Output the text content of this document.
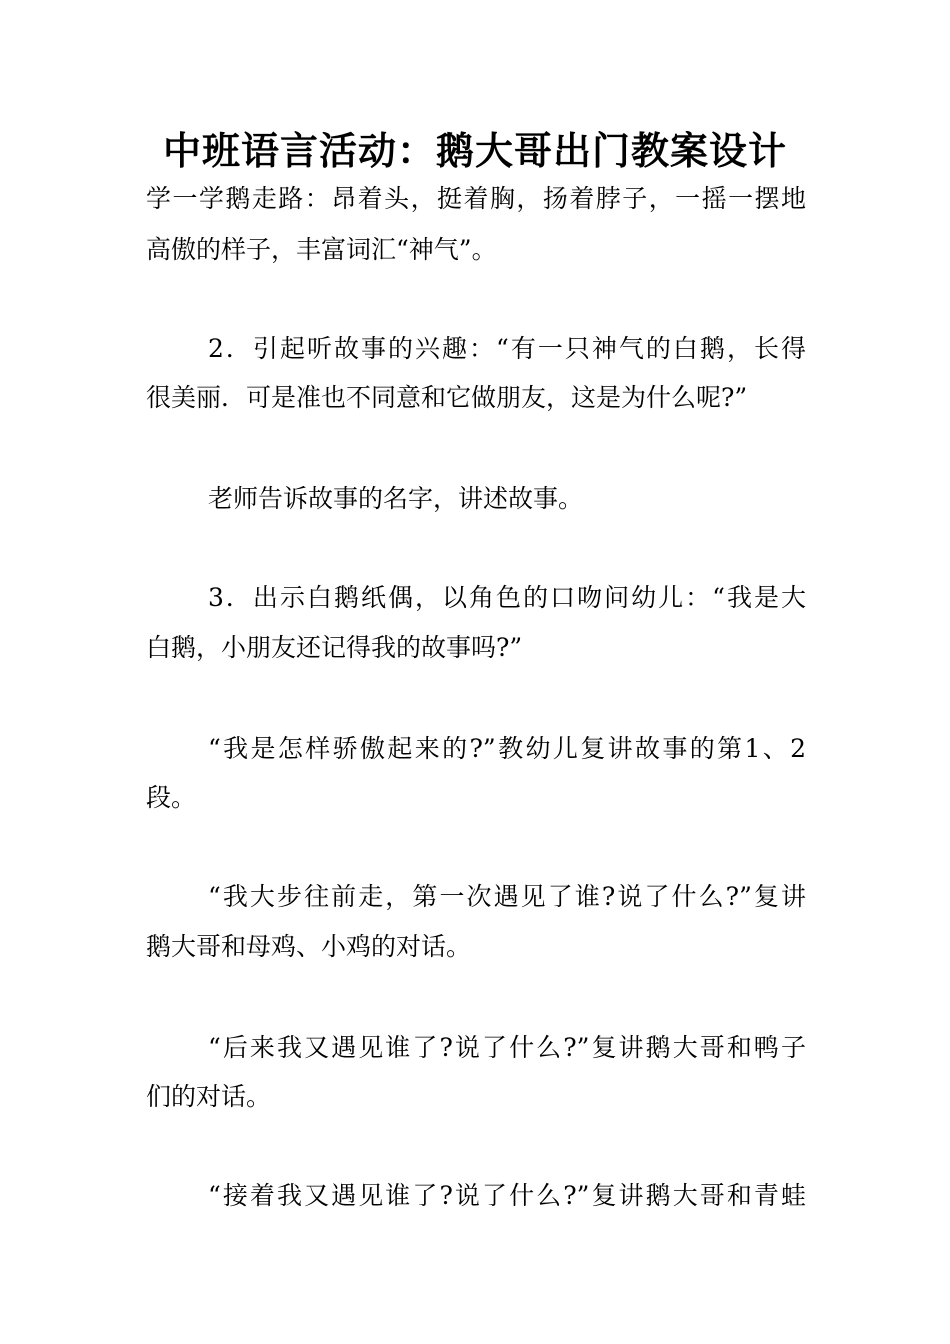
中班语言活动：鹅大哥出门教案设计
学一学鹅走路：昂着头，挺着胸，扬着脖子，一摇一摆地
高傲的样子，丰富词汇“神气”。
2．引起听故事的兴趣：“有一只神气的白鹅，长得
很美丽．可是准也不同意和它做朋友，这是为什么呢?”
老师告诉故事的名字，讲述故事。
3．出示白鹅纸偶，以角色的口吻问幼儿：“我是大
白鹅，小朋友还记得我的故事吗?”
“我是怎样骄傲起来的?”教幼儿复讲故事的第1、2
段。
“我大步往前走，第一次遇见了谁?说了什么?”复讲
鹅大哥和母鸡、小鸡的对话。
“后来我又遇见谁了?说了什么?”复讲鹅大哥和鸭子
们的对话。
“接着我又遇见谁了?说了什么?”复讲鹅大哥和青蛙
